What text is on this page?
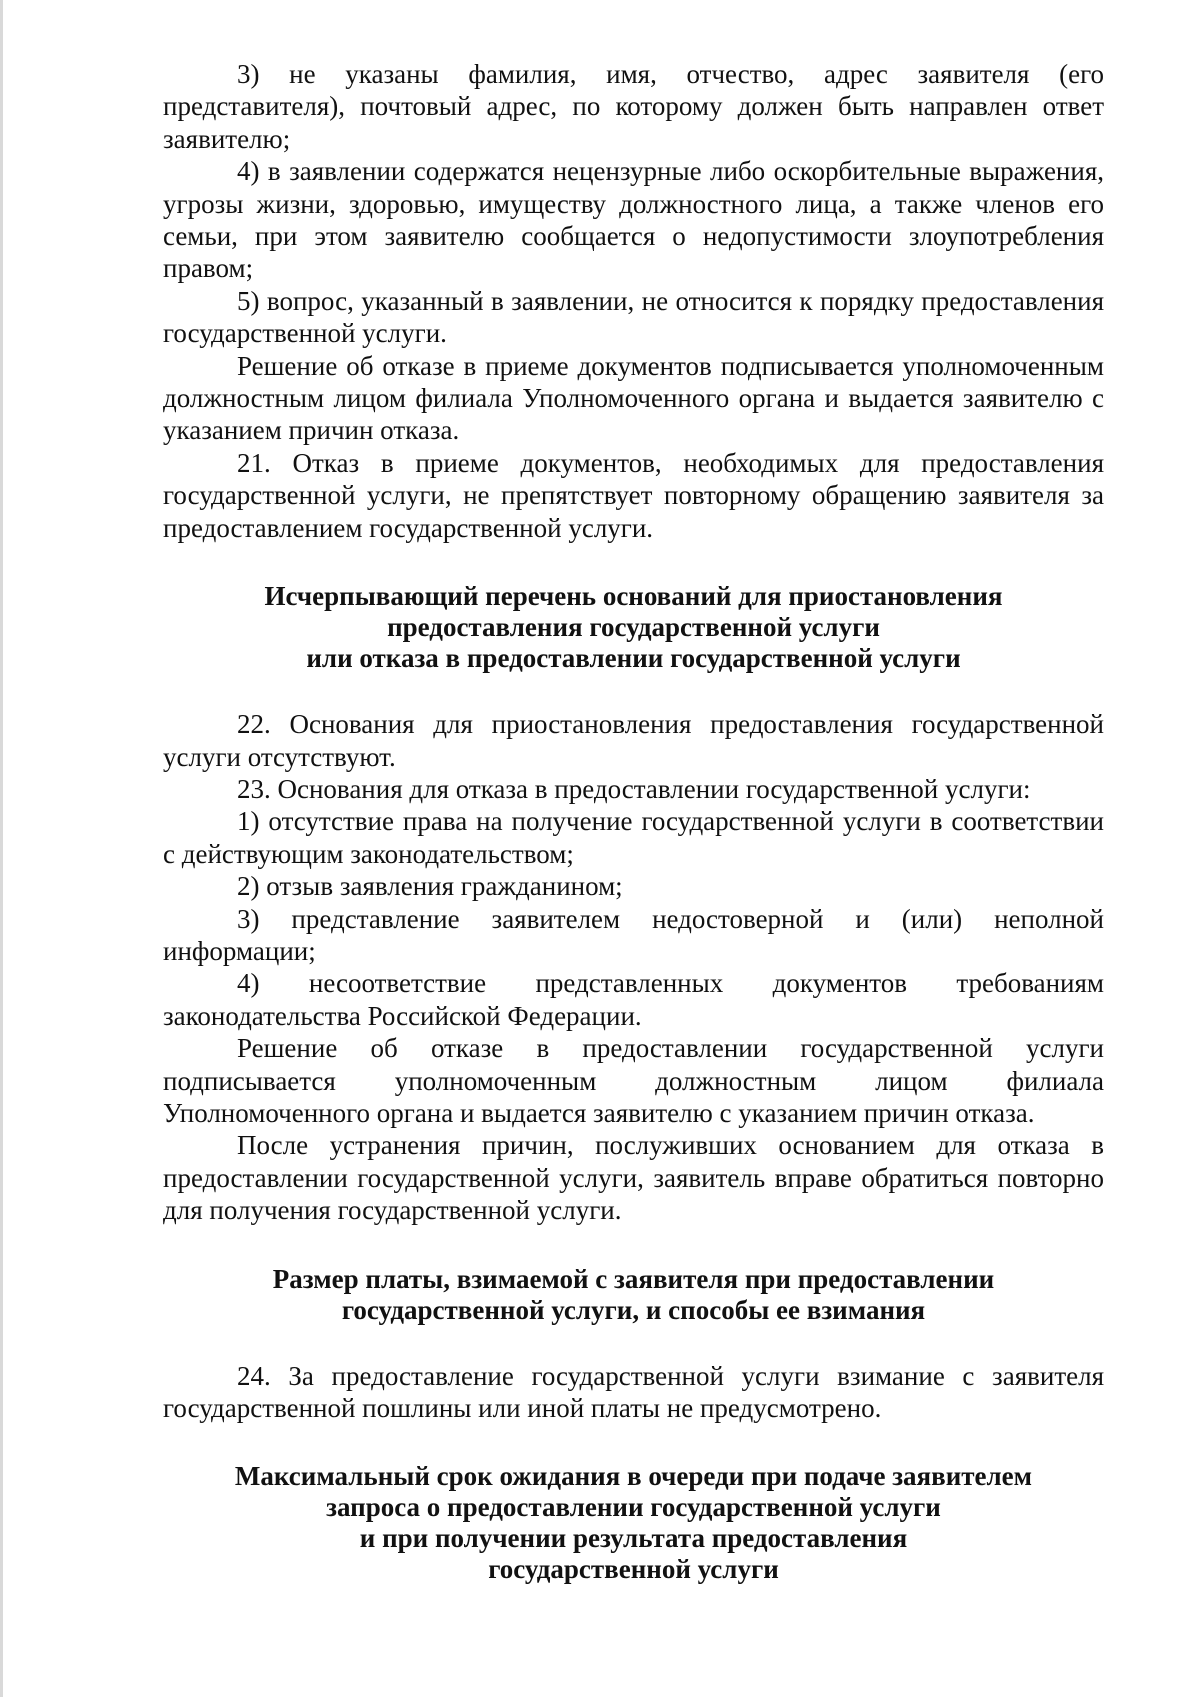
3) не указаны фамилия, имя, отчество, адрес заявителя (его представителя), почтовый адрес, по которому должен быть направлен ответ заявителю;

4) в заявлении содержатся нецензурные либо оскорбительные выражения, угрозы жизни, здоровью, имуществу должностного лица, а также членов его семьи, при этом заявителю сообщается о недопустимости злоупотребления правом;

5) вопрос, указанный в заявлении, не относится к порядку предоставления государственной услуги.

Решение об отказе в приеме документов подписывается уполномоченным должностным лицом филиала Уполномоченного органа и выдается заявителю с указанием причин отказа.

21. Отказ в приеме документов, необходимых для предоставления государственной услуги, не препятствует повторному обращению заявителя за предоставлением государственной услуги.

Исчерпывающий перечень оснований для приостановления
предоставления государственной услуги
или отказа в предоставлении государственной услуги

22. Основания для приостановления предоставления государственной услуги отсутствуют.

23. Основания для отказа в предоставлении государственной услуги:

1) отсутствие права на получение государственной услуги в соответствии с действующим законодательством;

2) отзыв заявления гражданином;

3) представление заявителем недостоверной и (или) неполной информации;

4) несоответствие представленных документов требованиям законодательства Российской Федерации.

Решение об отказе в предоставлении государственной услуги подписывается уполномоченным должностным лицом филиала Уполномоченного органа и выдается заявителю с указанием причин отказа.

После устранения причин, послуживших основанием для отказа в предоставлении государственной услуги, заявитель вправе обратиться повторно для получения государственной услуги.

Размер платы, взимаемой с заявителя при предоставлении
государственной услуги, и способы ее взимания

24. За предоставление государственной услуги взимание с заявителя государственной пошлины или иной платы не предусмотрено.

Максимальный срок ожидания в очереди при подаче заявителем
запроса о предоставлении государственной услуги
и при получении результата предоставления
государственной услуги
